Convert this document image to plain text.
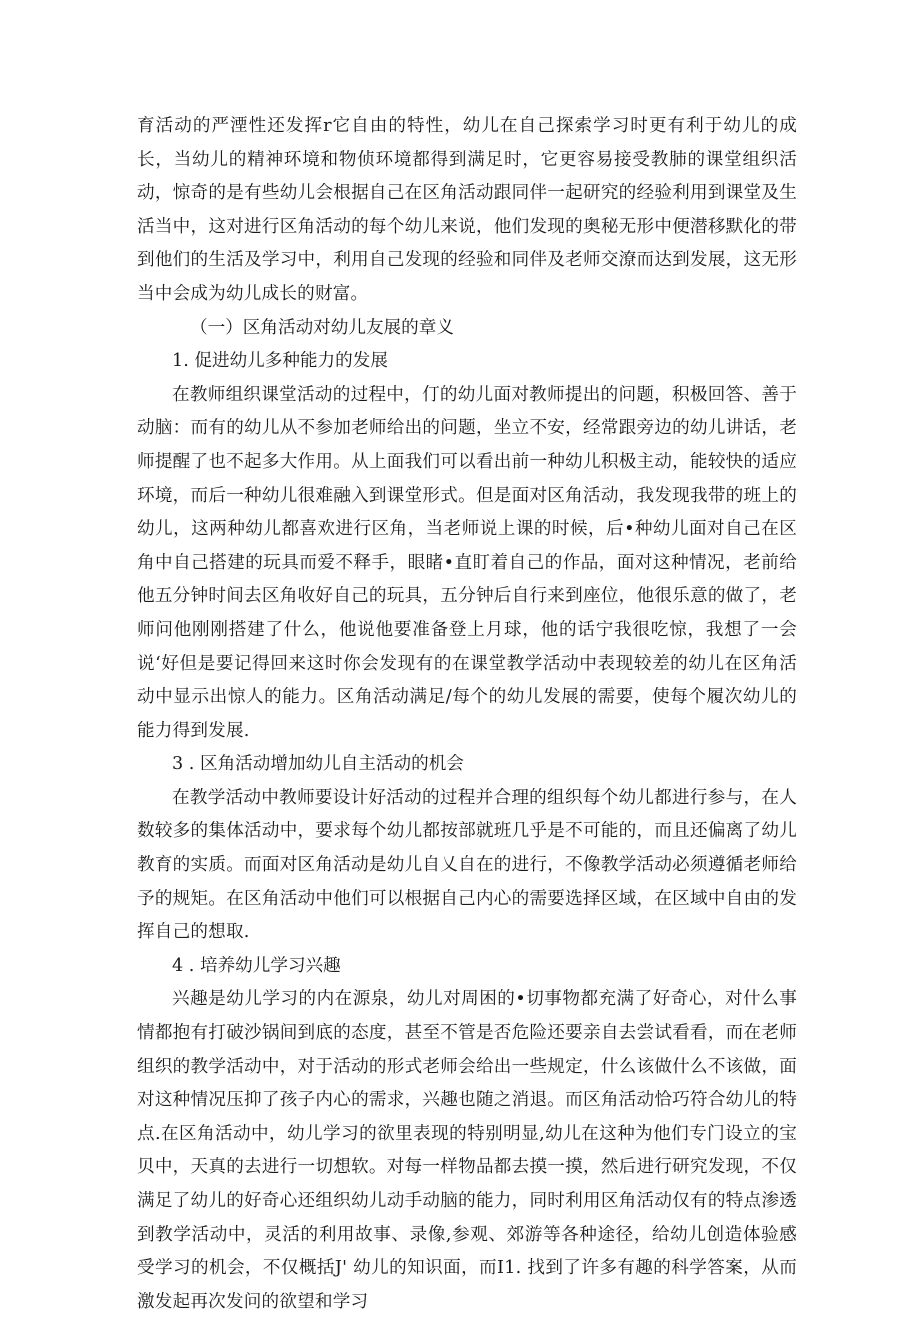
育活动的严湮性还发挥r它自由的特性，幼儿在自己探索学习时更有利于幼儿的成长，当幼儿的精神环境和物侦环境都得到满足时，它更容易接受教肺的课堂组织活动，惊奇的是有些幼儿会根据自己在区角活动跟同伴一起研究的经验利用到课堂及生活当中，这对进行区角活动的每个幼儿来说，他们发现的奥秘无形中便潜移默化的带到他们的生活及学习中，利用自己发现的经验和同伴及老师交潦而达到发展，这无形当中会成为幼儿成长的财富。

（一）区角活动对幼儿友展的章义

1. 促进幼儿多种能力的发展

在教师组织课堂活动的过程中，仃的幼儿面对教师提出的问题，积极回答、善于动脑：而有的幼儿从不参加老师给出的问题，坐立不安，经常跟旁边的幼儿讲话，老师提醒了也不起多大作用。从上面我们可以看出前一种幼儿积极主动，能较快的适应环境，而后一种幼儿很难融入到课堂形式。但是面对区角活动，我发现我带的班上的幼儿，这两种幼儿都喜欢进行区角，当老师说上课的时候，后•种幼儿面对自己在区角中自己搭建的玩具而爱不释手，眼睹•直盯着自己的作品，面对这种情况，老前给他五分钟时间去区角收好自己的玩具，五分钟后自行来到座位，他很乐意的做了，老师问他刚刚搭建了什么，他说他要准备登上月球，他的话宁我很吃惊，我想了一会说‘好但是要记得回来这时你会发现有的在课堂教学活动中表现较差的幼儿在区角活动中显示出惊人的能力。区角活动满足/每个的幼儿发展的需要，使每个履次幼儿的能力得到发展.

3 . 区角活动增加幼儿自主活动的机会

在教学活动中教师要设计好活动的过程并合理的组织每个幼儿都进行参与，在人数较多的集体活动中，要求每个幼儿都按部就班几乎是不可能的，而且还偏离了幼儿教育的实质。而面对区角活动是幼儿自乂自在的进行，不像教学活动必须遵循老师给予的规矩。在区角活动中他们可以根据自己内心的需要选择区域，在区域中自由的发挥自己的想取.

4 . 培养幼儿学习兴趣

兴趣是幼儿学习的内在源泉，幼儿对周困的•切事物都充满了好奇心，对什么事情都抱有打破沙锅间到底的态度，甚至不管是否危险还要亲自去尝试看看，而在老师组织的教学活动中，对于活动的形式老师会给出一些规定，什么该做什么不该做，面对这种情况压抑了孩子内心的需求，兴趣也随之消退。而区角活动恰巧符合幼儿的特点.在区角活动中，幼儿学习的欲里表现的特别明显,幼儿在这种为他们专门设立的宝贝中，天真的去进行一切想软。对每一样物品都去摸一摸，然后进行研究发现，不仅满足了幼儿的好奇心还组织幼儿动手动脑的能力，同时利用区角活动仅有的特点渗透到教学活动中，灵活的利用故事、录像,参观、郊游等各种途径，给幼儿创造体验感受学习的机会，不仅概括J' 幼儿的知识面，而I1. 找到了许多有趣的科学答案，从而激发起再次发问的欲望和学习
